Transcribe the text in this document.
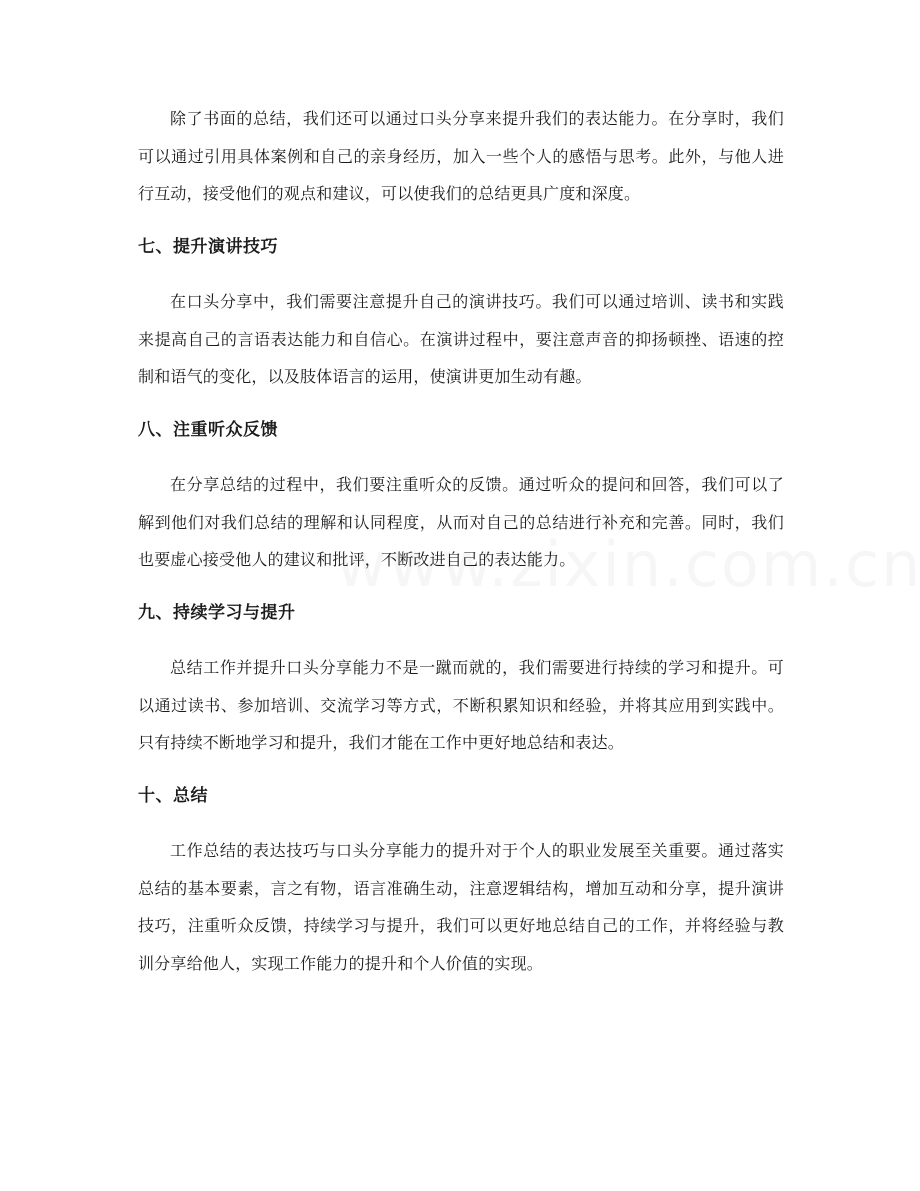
除了书面的总结，我们还可以通过口头分享来提升我们的表达能力。在分享时，我们可以通过引用具体案例和自己的亲身经历，加入一些个人的感悟与思考。此外，与他人进行互动，接受他们的观点和建议，可以使我们的总结更具广度和深度。

七、提升演讲技巧

在口头分享中，我们需要注意提升自己的演讲技巧。我们可以通过培训、读书和实践来提高自己的言语表达能力和自信心。在演讲过程中，要注意声音的抑扬顿挫、语速的控制和语气的变化，以及肢体语言的运用，使演讲更加生动有趣。

八、注重听众反馈

在分享总结的过程中，我们要注重听众的反馈。通过听众的提问和回答，我们可以了解到他们对我们总结的理解和认同程度，从而对自己的总结进行补充和完善。同时，我们也要虚心接受他人的建议和批评，不断改进自己的表达能力。

九、持续学习与提升

总结工作并提升口头分享能力不是一蹴而就的，我们需要进行持续的学习和提升。可以通过读书、参加培训、交流学习等方式，不断积累知识和经验，并将其应用到实践中。只有持续不断地学习和提升，我们才能在工作中更好地总结和表达。

十、总结

工作总结的表达技巧与口头分享能力的提升对于个人的职业发展至关重要。通过落实总结的基本要素，言之有物，语言准确生动，注意逻辑结构，增加互动和分享，提升演讲技巧，注重听众反馈，持续学习与提升，我们可以更好地总结自己的工作，并将经验与教训分享给他人，实现工作能力的提升和个人价值的实现。
